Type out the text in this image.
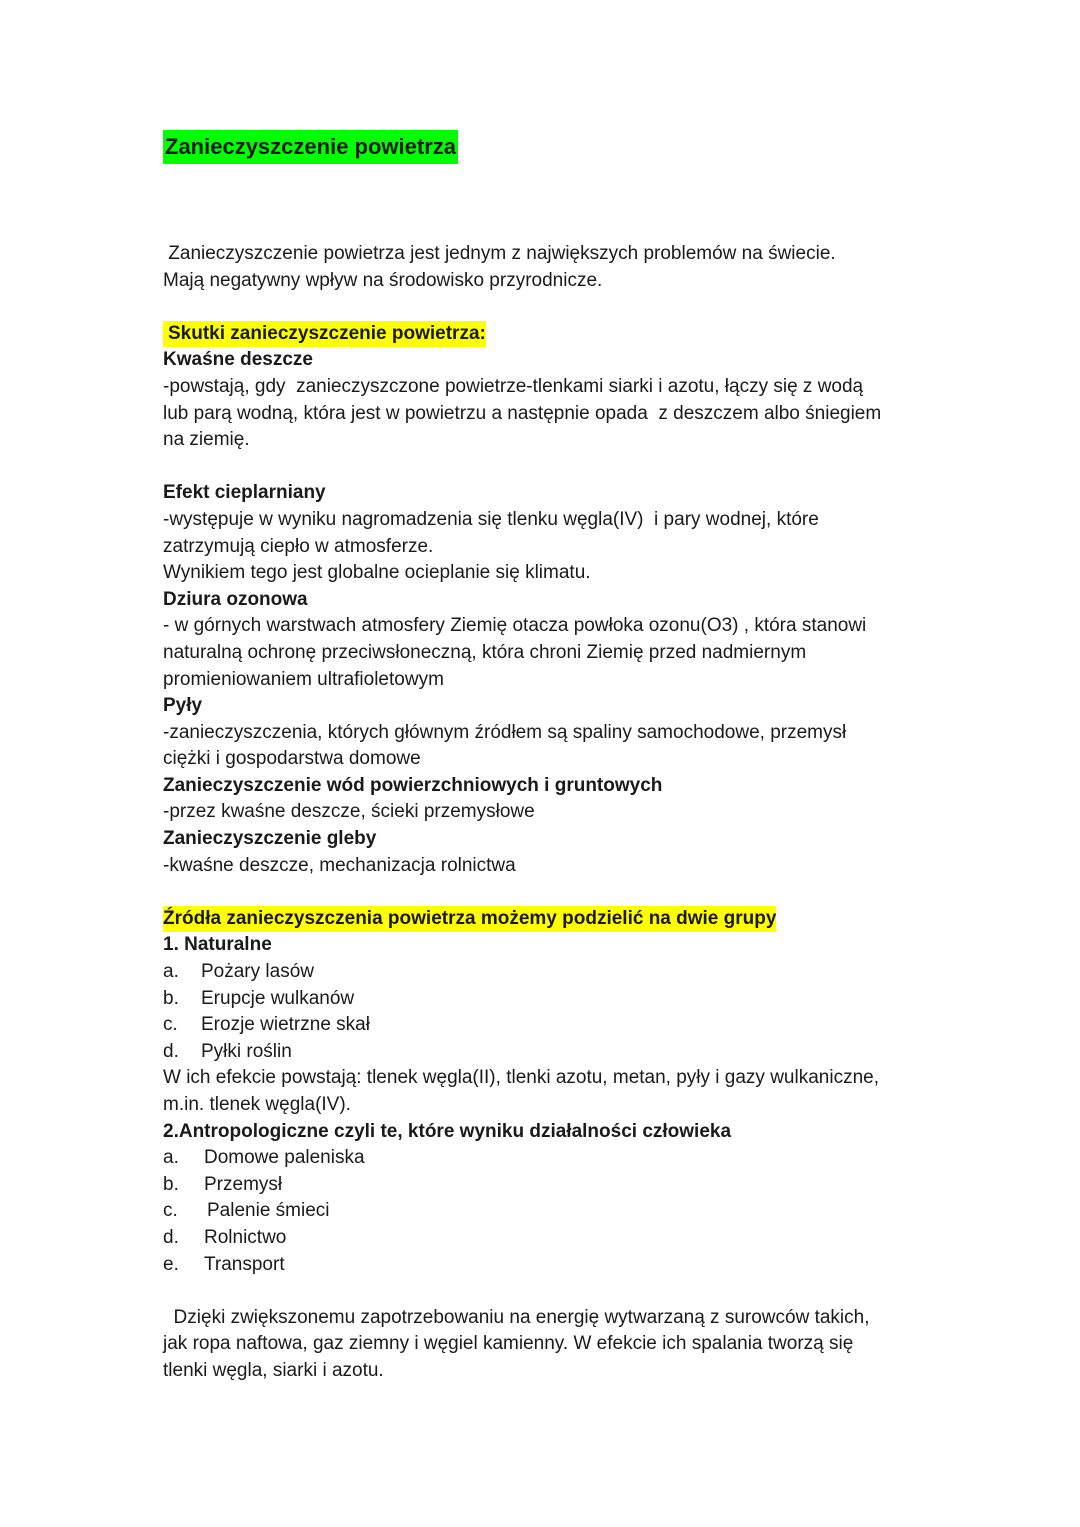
Zanieczyszczenie powietrza
Zanieczyszczenie powietrza jest jednym z największych problemów na świecie.
Mają negatywny wpływ na środowisko przyrodnicze.
Skutki zanieczyszczenie powietrza:
Kwaśne deszcze
-powstają, gdy  zanieczyszczone powietrze-tlenkami siarki i azotu, łączy się z wodą
lub parą wodną, która jest w powietrzu a następnie opada  z deszczem albo śniegiem
na ziemię.
Efekt cieplarniany
-występuje w wyniku nagromadzenia się tlenku węgla(IV)  i pary wodnej, które
zatrzymują ciepło w atmosferze.
Wynikiem tego jest globalne ocieplanie się klimatu.
Dziura ozonowa
- w górnych warstwach atmosfery Ziemię otacza powłoka ozonu(O3) , która stanowi
naturalną ochronę przeciwsłoneczną, która chroni Ziemię przed nadmiernym
promieniowaniem ultrafioletowym
Pyły
-zanieczyszczenia, których głównym źródłem są spaliny samochodowe, przemysł
ciężki i gospodarstwa domowe
Zanieczyszczenie wód powierzchniowych i gruntowych
-przez kwaśne deszcze, ścieki przemysłowe
Zanieczyszczenie gleby
-kwaśne deszcze, mechanizacja rolnictwa
Źródła zanieczyszczenia powietrza możemy podzielić na dwie grupy
1. Naturalne
a.	Pożary lasów
b.	Erupcje wulkanów
c.	Erozje wietrzne skał
d.	Pyłki roślin
W ich efekcie powstają: tlenek węgla(II), tlenki azotu, metan, pyły i gazy wulkaniczne,
m.in. tlenek węgla(IV).
2.Antropologiczne czyli te, które wyniku działalności człowieka
a.	Domowe paleniska
b.	Przemysł
c.	Palenie śmieci
d.	Rolnictwo
e.	Transport
Dzięki zwiększonemu zapotrzebowaniu na energię wytwarzaną z surowców takich,
jak ropa naftowa, gaz ziemny i węgiel kamienny. W efekcie ich spalania tworzą się
tlenki węgla, siarki i azotu.
